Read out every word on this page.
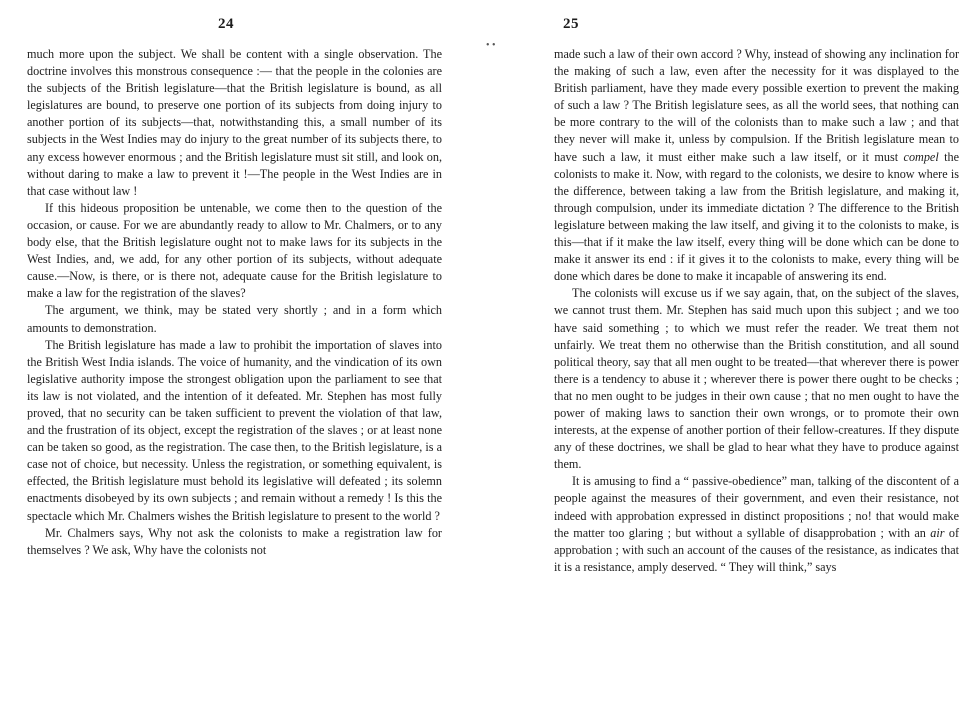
24

much more upon the subject. We shall be content with a single observation. The doctrine involves this monstrous consequence :— that the people in the colonies are the subjects of the British legislature—that the British legislature is bound, as all legislatures are bound, to preserve one portion of its subjects from doing injury to another portion of its subjects—that, notwithstanding this, a small number of its subjects in the West Indies may do injury to the great number of its subjects there, to any excess however enormous ; and the British legislature must sit still, and look on, without daring to make a law to prevent it !—The people in the West Indies are in that case without law !

If this hideous proposition be untenable, we come then to the question of the occasion, or cause. For we are abundantly ready to allow to Mr. Chalmers, or to any body else, that the British legislature ought not to make laws for its subjects in the West Indies, and, we add, for any other portion of its subjects, without adequate cause.—Now, is there, or is there not, adequate cause for the British legislature to make a law for the registration of the slaves?

The argument, we think, may be stated very shortly ; and in a form which amounts to demonstration.

The British legislature has made a law to prohibit the importation of slaves into the British West India islands. The voice of humanity, and the vindication of its own legislative authority impose the strongest obligation upon the parliament to see that its law is not violated, and the intention of it defeated. Mr. Stephen has most fully proved, that no security can be taken sufficient to prevent the violation of that law, and the frustration of its object, except the registration of the slaves ; or at least none can be taken so good, as the registration. The case then, to the British legislature, is a case not of choice, but necessity. Unless the registration, or something equivalent, is effected, the British legislature must behold its legislative will defeated ; its solemn enactments disobeyed by its own subjects ; and remain without a remedy ! Is this the spectacle which Mr. Chalmers wishes the British legislature to present to the world ?

Mr. Chalmers says, Why not ask the colonists to make a registration law for themselves ? We ask, Why have the colonists not

• •
25

made such a law of their own accord ? Why, instead of showing any inclination for the making of such a law, even after the necessity for it was displayed to the British parliament, have they made every possible exertion to prevent the making of such a law ? The British legislature sees, as all the world sees, that nothing can be more contrary to the will of the colonists than to make such a law ; and that they never will make it, unless by compulsion. If the British legislature mean to have such a law, it must either make such a law itself, or it must compel the colonists to make it. Now, with regard to the colonists, we desire to know where is the difference, between taking a law from the British legislature, and making it, through compulsion, under its immediate dictation ? The difference to the British legislature between making the law itself, and giving it to the colonists to make, is this—that if it make the law itself, every thing will be done which can be done to make it answer its end : if it gives it to the colonists to make, every thing will be done which dares be done to make it incapable of answering its end.

The colonists will excuse us if we say again, that, on the subject of the slaves, we cannot trust them. Mr. Stephen has said much upon this subject ; and we too have said something ; to which we must refer the reader. We treat them not unfairly. We treat them no otherwise than the British constitution, and all sound political theory, say that all men ought to be treated—that wherever there is power there is a tendency to abuse it ; wherever there is power there ought to be checks ; that no men ought to be judges in their own cause ; that no men ought to have the power of making laws to sanction their own wrongs, or to promote their own interests, at the expense of another portion of their fellow-creatures. If they dispute any of these doctrines, we shall be glad to hear what they have to produce against them.

It is amusing to find a “ passive-obedience” man, talking of the discontent of a people against the measures of their government, and even their resistance, not indeed with approbation expressed in distinct propositions ; no! that would make the matter too glaring ; but without a syllable of disapprobation ; with an air of approbation ; with such an account of the causes of the resistance, as indicates that it is a resistance, amply deserved. “ They will think,” says
